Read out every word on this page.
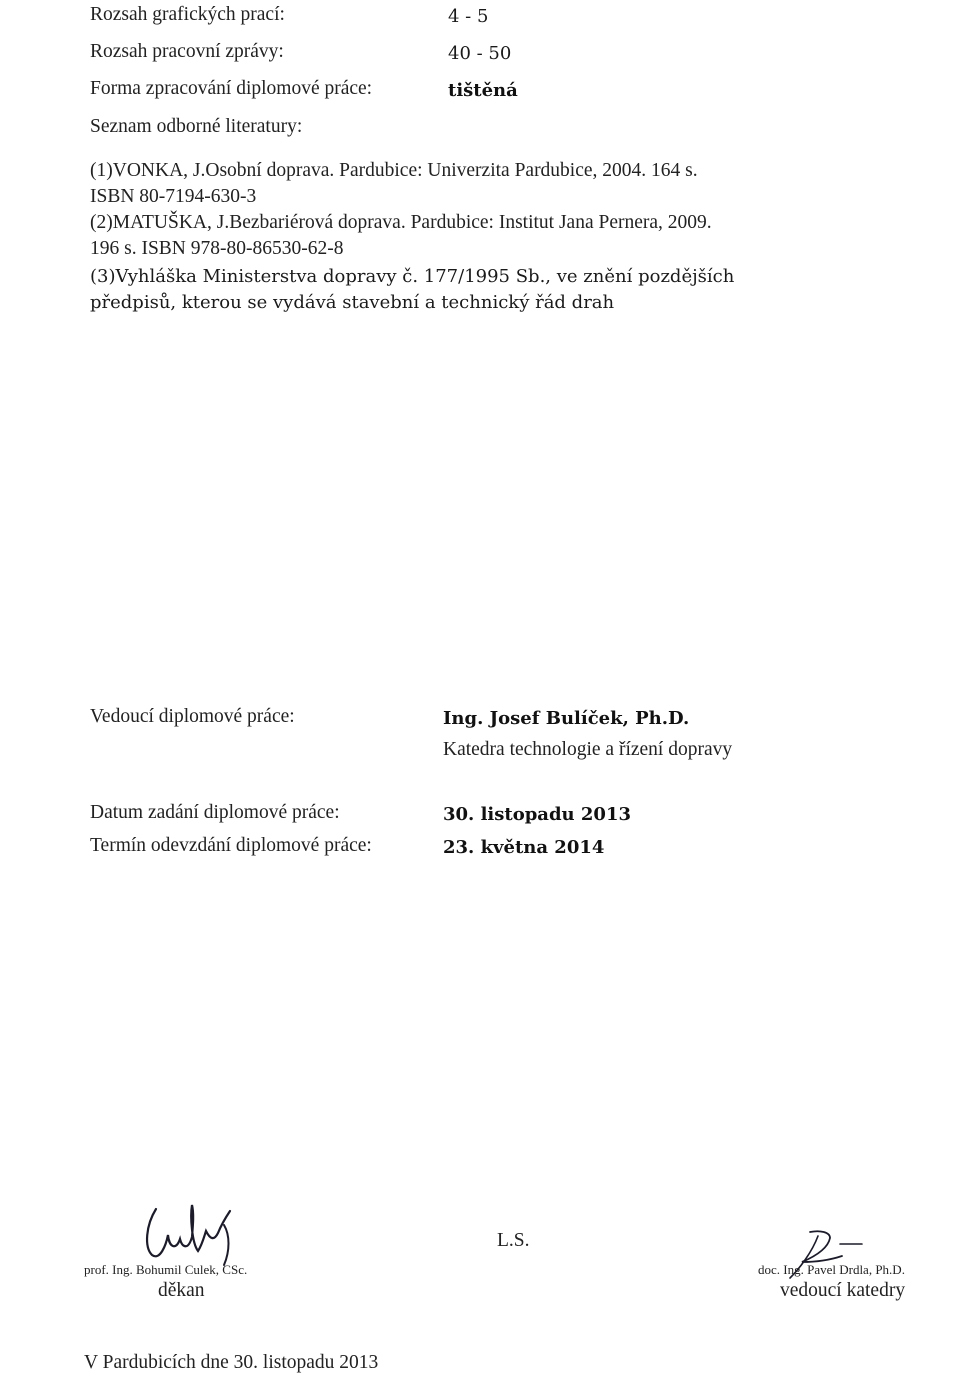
Rozsah grafických prací:	4 - 5
Rozsah pracovní zprávy:	40 - 50
Forma zpracování diplomové práce:	tištěná
Seznam odborné literatury:
(1)VONKA, J.Osobní doprava. Pardubice: Univerzita Pardubice, 2004. 164 s.
ISBN 80-7194-630-3
(2)MATUŠKA, J.Bezbariérová doprava. Pardubice: Institut Jana Pernera, 2009.
196 s. ISBN 978-80-86530-62-8
(3)Vyhláška Ministerstva dopravy č. 177/1995 Sb., ve znění pozdějších
předpisů, kterou se vydává stavební a technický řád drah
Vedoucí diplomové práce:	Ing. Josef Bulíček, Ph.D.
Katedra technologie a řízení dopravy
Datum zadání diplomové práce:	30. listopadu 2013
Termín odevzdání diplomové práce:	23. května 2014
prof. Ing. Bohumil Culek, CSc.
děkan
L.S.
doc. Ing. Pavel Drdla, Ph.D.
vedoucí katedry
V Pardubicích dne 30. listopadu 2013
